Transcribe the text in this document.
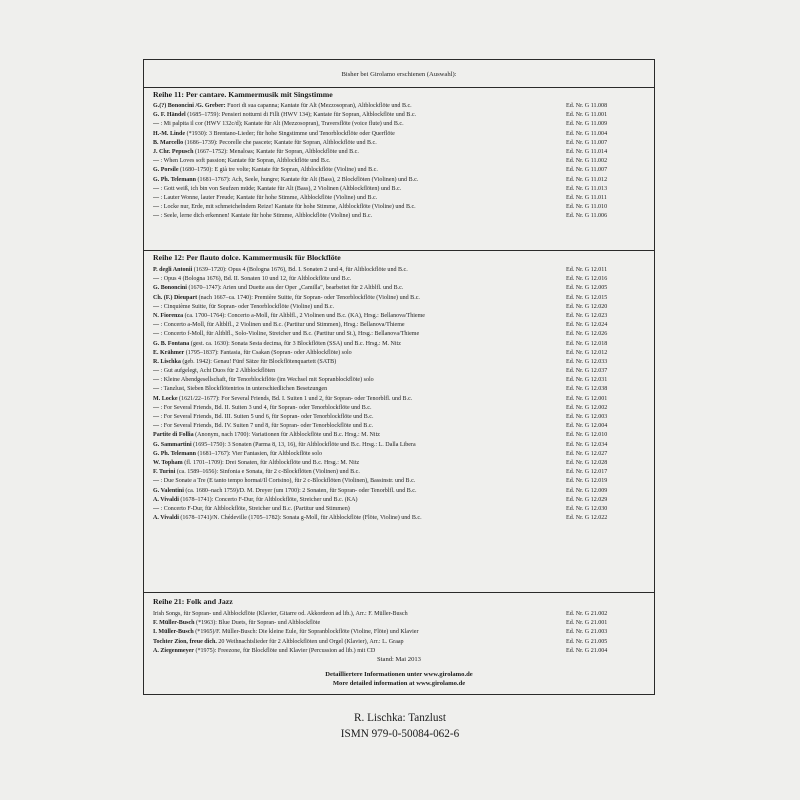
Bisher bei Girolamo erschienen (Auswahl):
Reihe 11: Per cantare. Kammermusik mit Singstimme
G.(?) Bononcini /G. Greber: Fuori di sua capanna; Kantate für Alt (Mezzosopran), Altblockflöte und B.c.	Ed. Nr. G 11.008
G. F. Händel (1685–1759): Pensieri notturni di Filli (HWV 134); Kantate für Sopran, Altblockflöte und B.c.	Ed. Nr. G 11.001
— : Mi palpita il cor (HWV 132c/d); Kantate für Alt (Mezzosopran), Traversflöte (voice flute) und B.c.	Ed. Nr. G 11.009
H.-M. Linde (*1930): 3 Brentano-Lieder; für hohe Singstimme und Tenorblockflöte oder Querflöte	Ed. Nr. G 11.004
B. Marcello (1686–1739): Pecorelle che pascete; Kantate für Sopran, Altblockflöte und B.c.	Ed. Nr. G 11.007
J. Chr. Pepusch (1667–1752): Menaloas; Kantate für Sopran, Altblockflöte und B.c.	Ed. Nr. G 11.014
— : When Loves soft passion; Kantate für Sopran, Altblockflöte und B.c.	Ed. Nr. G 11.002
G. Porsile (1680–1750): E già tre volte; Kantate für Sopran, Altblockflöte (Violine) und B.c.	Ed. Nr. G 11.007
G. Ph. Telemann (1681–1767): Ach, Seele, hungre; Kantate für Alt (Bass), 2 Blockflöten (Violinen) und B.c.	Ed. Nr. G 11.012
— : Gott weiß, ich bin von Seufzen müde; Kantate für Alt (Bass), 2 Violinen (Altblockflöten) und B.c.	Ed. Nr. G 11.013
— : Lauter Wonne, lauter Freude; Kantate für hohe Stimme, Altblockflöte (Violine) und B.c.	Ed. Nr. G 11.011
— : Locke nur, Erde, mit schmeichelndem Reize! Kantate für hohe Stimme, Altblockflöte (Violine) und B.c.	Ed. Nr. G 11.010
— : Seele, lerne dich erkennen! Kantate für hohe Stimme, Altblockflöte (Violine) und B.c.	Ed. Nr. G 11.006
Reihe 12: Per flauto dolce. Kammermusik für Blockflöte
P. degli Antonii (1639–1720): Opus 4 (Bologna 1676), Bd. I. Sonaten 2 und 4, für Altblockflöte und B.c.	Ed. Nr. G 12.011
— : Opus 4 (Bologna 1676), Bd. II. Sonaten 10 und 12, für Altblockflöte und B.c.	Ed. Nr. G 12.016
G. Bononcini (1670–1747): Arien und Duette aus der Oper „Camilla", bearbeitet für 2 Altblfl. und B.c.	Ed. Nr. G 12.005
Ch. (F.) Dieupart (nach 1667–ca. 1740): Première Suitte, für Sopran- oder Tenorblockflöte (Violine) und B.c.	Ed. Nr. G 12.015
— : Cinquième Suitte, für Sopran- oder Tenorblockflöte (Violine) und B.c.	Ed. Nr. G 12.020
N. Fiorenza (ca. 1700–1764): Concerto a-Moll, für Altblfl., 2 Violinen und B.c. (KA), Hrsg.: Bellanova/Thieme	Ed. Nr. G 12.023
— : Concerto a-Moll, für Altblfl., 2 Violinen und B.c. (Partitur und Stimmen), Hrsg.: Bellanova/Thieme	Ed. Nr. G 12.024
— : Concerto f-Moll, für Altblfl., Solo-Violine, Streicher und B.c. (Partitur und St.), Hrsg.: Bellanova/Thieme	Ed. Nr. G 12.026
G. B. Fontana (gest. ca. 1630): Sonata Sesta decima, für 3 Blockflöten (SSA) und B.c. Hrsg.: M. Nitz	Ed. Nr. G 12.018
E. Krähmer (1795–1837): Fantasia, für Csakan (Sopran- oder Altblockflöte) solo	Ed. Nr. G 12.012
R. Lischka (geb. 1942): Genau! Fünf Sätze für Blockflötenquartett (SATB)	Ed. Nr. G 12.033
— : Gut aufgelegt, Acht Duos für 2 Altblockflöten	Ed. Nr. G 12.037
— : Kleine Abendgesellschaft, für Tenorblockflöte (im Wechsel mit Sopranblockflöte) solo	Ed. Nr. G 12.031
— : Tanzlust, Sieben Blockflötentrios in unterschiedlichen Besetzungen	Ed. Nr. G 12.038
M. Locke (1621/22–1677): For Several Friends, Bd. I. Suiten 1 und 2, für Sopran- oder Tenorblfl. und B.c.	Ed. Nr. G 12.001
— : For Several Friends, Bd. II. Suiten 3 und 4, für Sopran- oder Tenorblockflöte und B.c.	Ed. Nr. G 12.002
— : For Several Friends, Bd. III. Suiten 5 und 6, für Sopran- oder Tenorblockflöte und B.c.	Ed. Nr. G 12.003
— : For Several Friends, Bd. IV. Suiten 7 und 8, für Sopran- oder Tenorblockflöte und B.c.	Ed. Nr. G 12.004
Partite di Follia (Anonym, nach 1700): Variationen für Altblockflöte und B.c. Hrsg.: M. Nitz	Ed. Nr. G 12.010
G. Sammartini (1695–1750): 3 Sonaten (Parma 8, 13, 16), für Altblockflöte und B.c. Hrsg.: L. Dalla Libera	Ed. Nr. G 12.034
G. Ph. Telemann (1681–1767): Vier Fantasien, für Altblockflöte solo	Ed. Nr. G 12.027
W. Topham (fl. 1701–1709): Drei Sonaten, für Altblockflöte und B.c. Hrsg.: M. Nitz	Ed. Nr. G 12.028
F. Turini (ca. 1589–1656): Sinfonia e Sonata, für 2 c-Blockflöten (Violinen) und B.c.	Ed. Nr. G 12.017
— : Due Sonate a Tre (E tanto tempo hormai/Il Corisino), für 2 c-Blockflöten (Violinen), Bassinstr. und B.c.	Ed. Nr. G 12.019
G. Valentini (ca. 1680–nach 1759)/D. M. Dreyer (um 1700): 2 Sonaten, für Sopran- oder Tenorblfl. und B.c.	Ed. Nr. G 12.009
A. Vivaldi (1678–1741): Concerto F-Dur, für Altblockflöte, Streicher und B.c. (KA)	Ed. Nr. G 12.029
— : Concerto F-Dur, für Altblockflöte, Streicher und B.c. (Partitur und Stimmen)	Ed. Nr. G 12.030
A. Vivaldi (1678–1741)/N. Chédeville (1705–1782): Sonata g-Moll, für Altblockflöte (Flöte, Violine) und B.c.	Ed. Nr. G 12.022
Reihe 21: Folk and Jazz
Irish Songs, für Sopran- und Altblockflöte (Klavier, Gitarre od. Akkordeon ad lib.), Arr.: F. Müller-Busch	Ed. Nr. G 21.002
F. Müller-Busch (*1963): Blue Duets, für Sopran- und Altblockflöte	Ed. Nr. G 21.001
I. Müller-Busch (*1965)/F. Müller-Busch: Die kleine Eule, für Sopranblockflöte (Violine, Flöte) und Klavier	Ed. Nr. G 21.003
Tochter Zion, freue dich. 20 Weihnachtslieder für 2 Altblockflöten und Orgel (Klavier), Arr.: L. Graap	Ed. Nr. G 21.005
A. Ziegenmeyer (*1975): Freezone, für Blockflöte und Klavier (Percussion ad lib.) mit CD	Ed. Nr. G 21.004
Stand: Mai 2013
Detailliertere Informationen unter www.girolamo.de
More detailed information at www.girolamo.de
R. Lischka: Tanzlust
ISMN 979-0-50084-062-6
